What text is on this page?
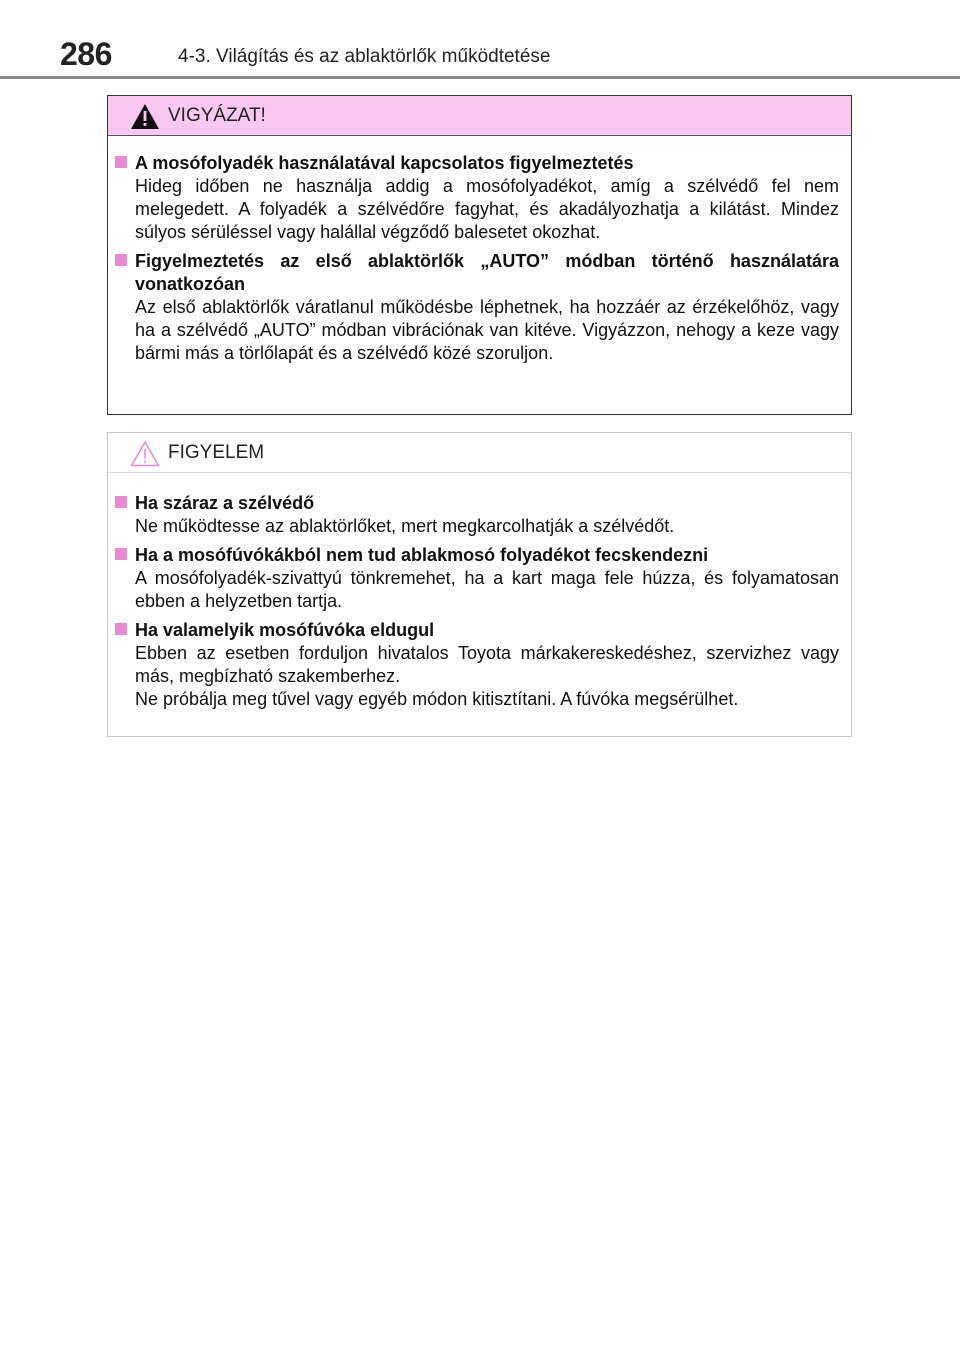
286	4-3. Világítás és az ablaktörlők működtetése
VIGYÁZAT!
A mosófolyadék használatával kapcsolatos figyelmeztetés
Hideg időben ne használja addig a mosófolyadékot, amíg a szélvédő fel nem melegedett. A folyadék a szélvédőre fagyhat, és akadályozhatja a kilátást. Mindez súlyos sérüléssel vagy halállal végződő balesetet okozhat.
Figyelmeztetés az első ablaktörlők „AUTO” módban történő használatára vonatkozóan
Az első ablaktörlők váratlanul működésbe léphetnek, ha hozzáér az érzékelőhöz, vagy ha a szélvédő „AUTO” módban vibrációnak van kitéve. Vigyázzon, nehogy a keze vagy bármi más a törlőlapát és a szélvédő közé szoruljon.
FIGYELEM
Ha száraz a szélvédő
Ne működtesse az ablaktörlőket, mert megkarcolhatják a szélvédőt.
Ha a mosófúvókákból nem tud ablakmosó folyadékot fecskendezni
A mosófolyadék-szivattyú tönkremehet, ha a kart maga fele húzza, és folyamatosan ebben a helyzetben tartja.
Ha valamelyik mosófúvóka eldugul
Ebben az esetben forduljon hivatalos Toyota márkakereskedéshez, szervizhez vagy más, megbízható szakemberhez.
Ne próbálja meg tűvel vagy egyéb módon kitisztítani. A fúvóka megsérülhet.
